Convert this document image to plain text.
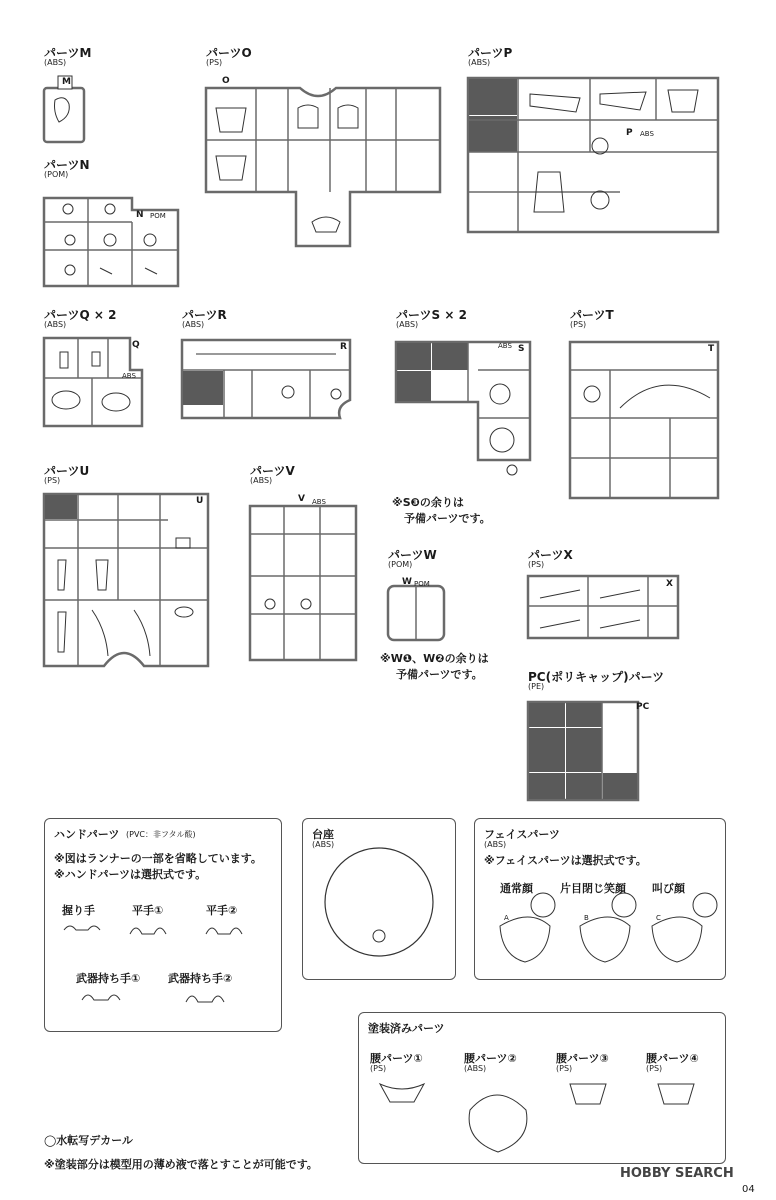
パーツM
(ABS)
M
パーツN
(POM)
N POM
パーツO
(PS)
O
パーツP
(ABS)
P ABS
パーツQ × 2
(ABS)
Q
ABS
パーツR
(ABS)
R
パーツS × 2
(ABS)
S
ABS
パーツT
(PS)
T
パーツU
(PS)
U
パーツV
(ABS)
V ABS	※S❸の余りは
予備パーツです。
パーツW
(POM)
W POM
※W❶、W❷の余りは
予備パーツです。
パーツX
(PS)
X
PC(ポリキャップ)パーツ
(PE)
PC
ハンドパーツ (PVC：非フタル酸)
※図はランナーの一部を省略しています。
※ハンドパーツは選択式です。
握り手	平手①	平手②
武器持ち手①	武器持ち手②
台座
(ABS)
フェイスパーツ
(ABS)
※フェイスパーツは選択式です。
通常顔 片目閉じ笑顔 叫び顔
A	B	C
塗装済みパーツ
腰パーツ①
(PS)
腰パーツ②
(ABS)
腰パーツ③
(PS)
腰パーツ④
(PS)
◯水転写デカール
※塗装部分は模型用の薄め液で落とすことが可能です。
HOBBY SEARCH
04
